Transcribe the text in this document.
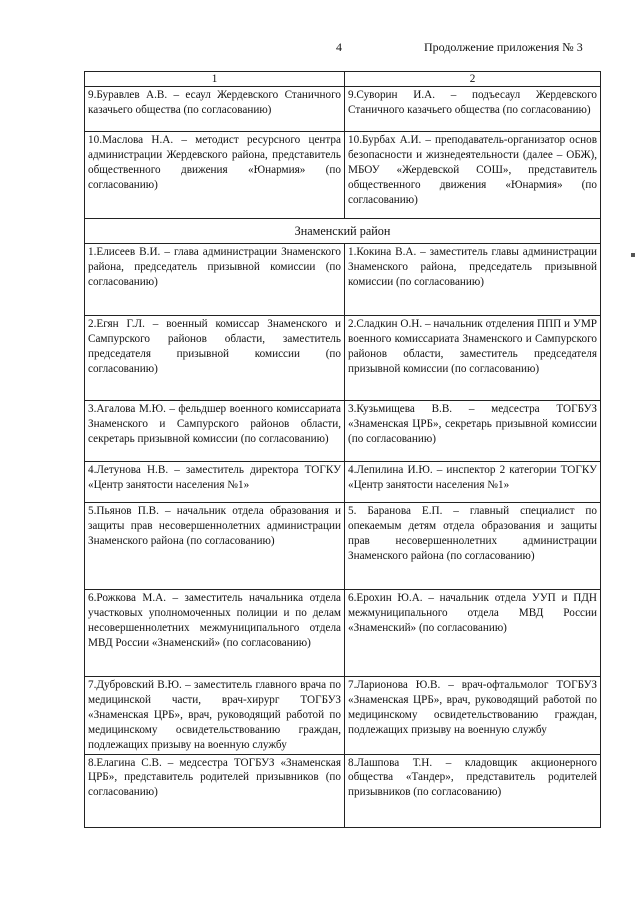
4	Продолжение приложения № 3
1	2
9.Буравлев А.В. – есаул Жердевского Станичного казачьего общества (по согласованию)	9.Суворин И.А. – подъесаул Жердевского Станичного казачьего общества (по согласованию)
10.Маслова Н.А. – методист ресурсного центра администрации Жердевского района, представитель общественного движения «Юнармия» (по согласованию)	10.Бурбах А.И. – преподаватель-организатор основ безопасности и жизнедеятельности (далее – ОБЖ), МБОУ «Жердевской СОШ», представитель общественного движения «Юнармия» (по согласованию)
Знаменский район	
1.Елисеев В.И. – глава администрации Знаменского района, председатель призывной комиссии (по согласованию)	1.Кокина В.А. – заместитель главы администрации Знаменского района, председатель призывной комиссии (по согласованию)
2.Егян Г.Л. – военный комиссар Знаменского и Сампурского районов области, заместитель председателя призывной комиссии (по согласованию)	2.Сладкин О.Н. – начальник отделения ППП и УМР военного комиссариата Знаменского и Сампурского районов области, заместитель председателя призывной комиссии (по согласованию)
3.Агалова М.Ю. – фельдшер военного комиссариата Знаменского и Сампурского районов области, секретарь призывной комиссии (по согласованию)	3.Кузьмищева В.В. – медсестра ТОГБУЗ «Знаменская ЦРБ», секретарь призывной комиссии (по согласованию)
4.Летунова Н.В. – заместитель директора ТОГКУ «Центр занятости населения №1»	4.Лепилина И.Ю. – инспектор 2 категории ТОГКУ «Центр занятости населения №1»
5.Пьянов П.В. – начальник отдела образования и защиты прав несовершеннолетних администрации Знаменского района (по согласованию)	5. Баранова Е.П. – главный специалист по опекаемым детям отдела образования и защиты прав несовершеннолетних администрации Знаменского района (по согласованию)
6.Рожкова М.А. – заместитель начальника отдела участковых уполномоченных полиции и по делам несовершеннолетних межмуниципального отдела МВД России «Знаменский» (по согласованию)	6.Ерохин Ю.А. – начальник отдела УУП и ПДН межмуниципального отдела МВД России «Знаменский» (по согласованию)
7.Дубровский В.Ю. – заместитель главного врача по медицинской части, врач-хирург ТОГБУЗ «Знаменская ЦРБ», врач, руководящий работой по медицинскому освидетельствованию граждан, подлежащих призыву на военную службу	7.Ларионова Ю.В. – врач-офтальмолог ТОГБУЗ «Знаменская ЦРБ», врач, руководящий работой по медицинскому освидетельствованию граждан, подлежащих призыву на военную службу
8.Елагина С.В. – медсестра ТОГБУЗ «Знаменская ЦРБ», представитель родителей призывников (по согласованию)	8.Лашпова Т.Н. – кладовщик акционерного общества «Тандер», представитель родителей призывников (по согласованию)
